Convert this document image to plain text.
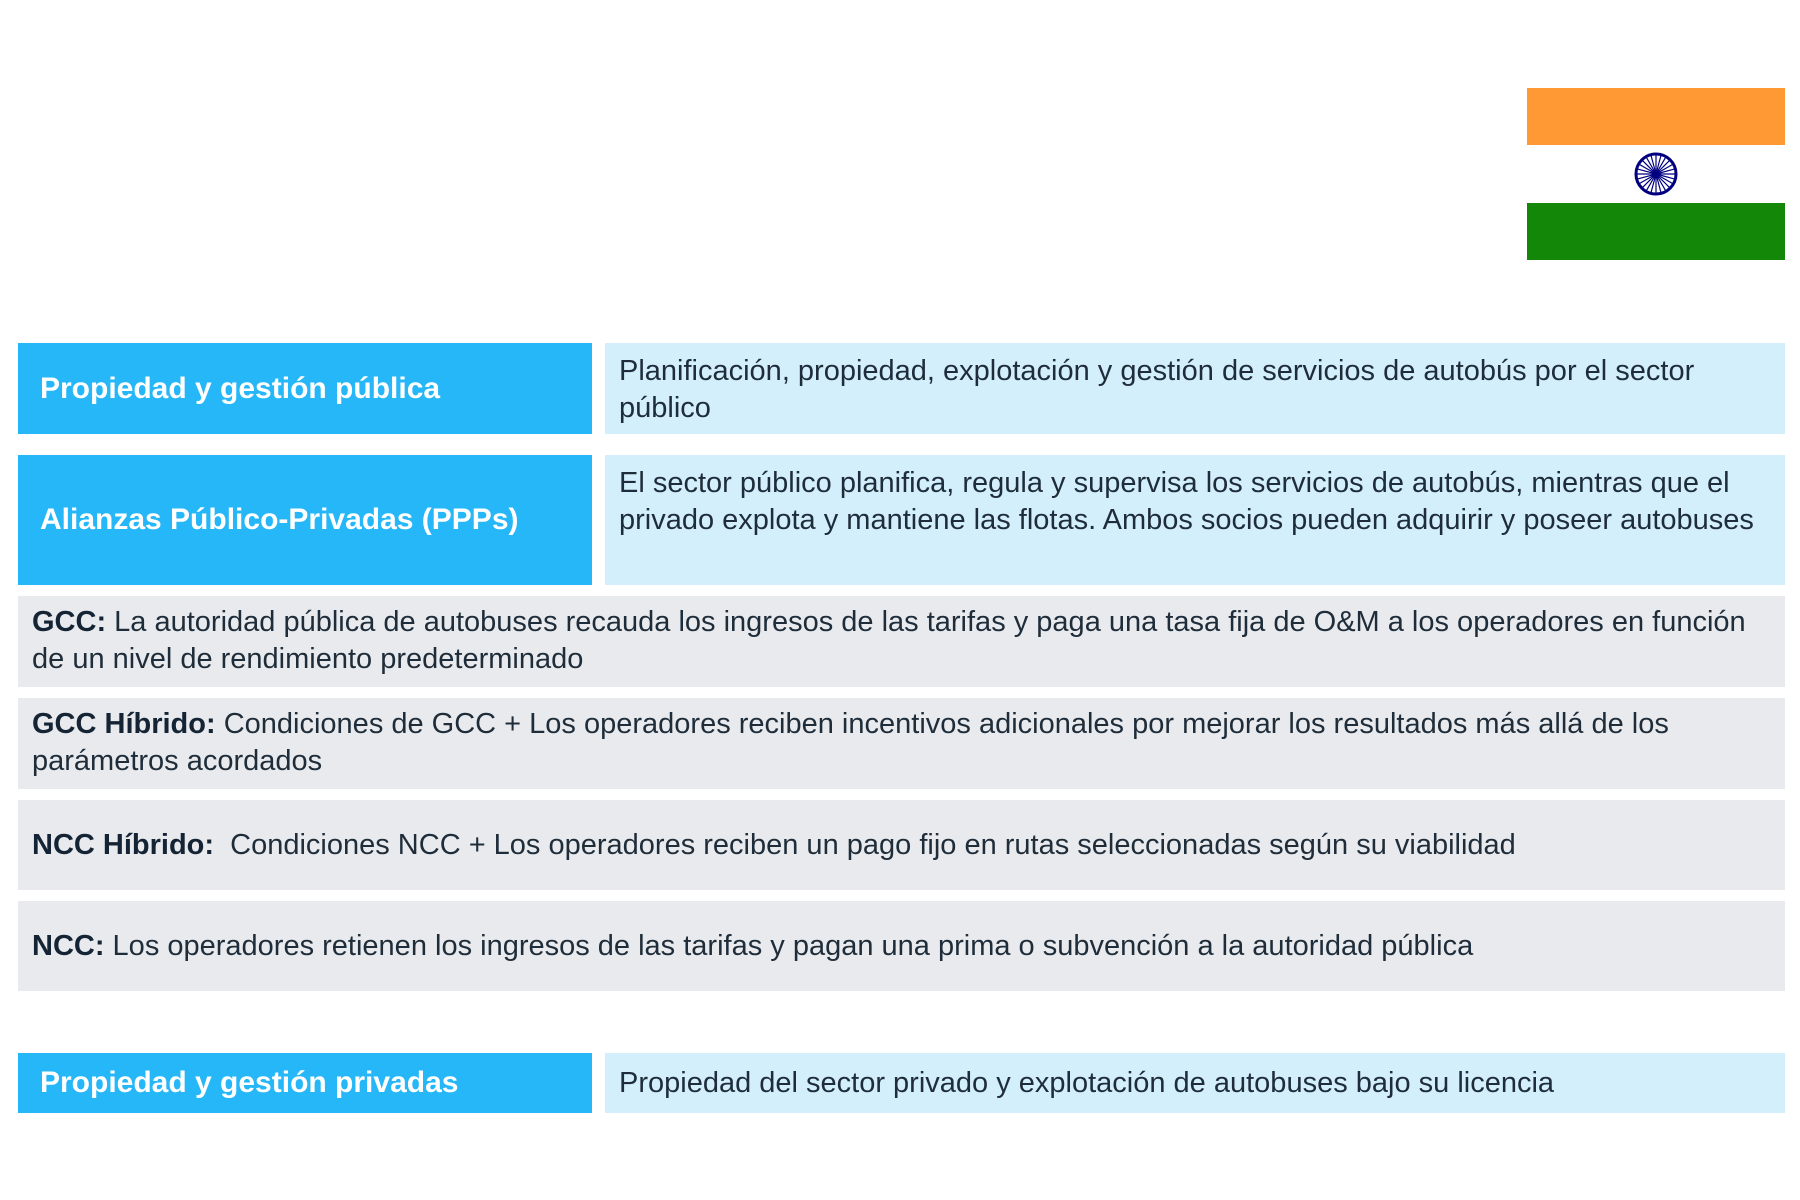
Propiedad y gestión pública
Planificación, propiedad, explotación y gestión de servicios de autobús por el sector público
Alianzas Público-Privadas (PPPs)
El sector público planifica, regula y supervisa los servicios de autobús, mientras que el privado explota y mantiene las flotas. Ambos socios pueden adquirir y poseer autobuses
GCC: La autoridad pública de autobuses recauda los ingresos de las tarifas y paga una tasa fija de O&M a los operadores en función de un nivel de rendimiento predeterminado
GCC Híbrido: Condiciones de GCC + Los operadores reciben incentivos adicionales por mejorar los resultados más allá de los parámetros acordados
NCC Híbrido:  Condiciones NCC + Los operadores reciben un pago fijo en rutas seleccionadas según su viabilidad
NCC: Los operadores retienen los ingresos de las tarifas y pagan una prima o subvención a la autoridad pública
Propiedad y gestión privadas	Propiedad del sector privado y explotación de autobuses bajo su licencia
